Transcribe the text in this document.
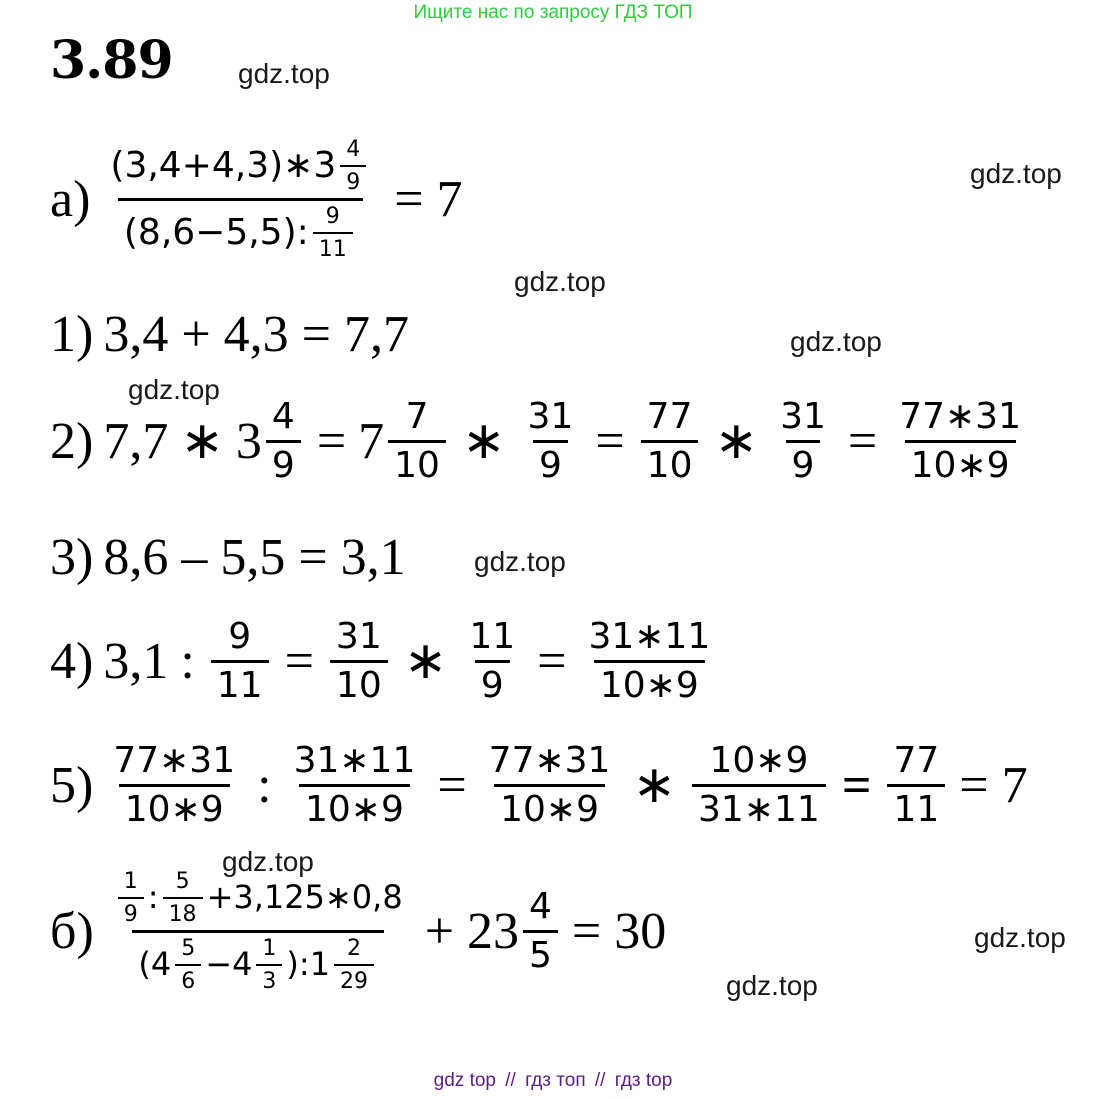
Ищите нас по запросу ГДЗ ТОП
3.89 gdz.top
gdz.top
gdz.top
gdz.top
gdz.top
gdz.top
gdz.top
gdz.top
gdz.top
$а) \frac{(3,4+4,3)∗3 \frac{4}{9}}{(8,6-5,5): \frac{9}{11}} = 7$
1) 3,4 + 4,3 = 7,7
2) 7,7 ∗ $3 \frac{4}{9} = 7 \frac{7}{10}$ ∗ $\frac{31}{9} = \frac{77}{10}$ ∗ $\frac{31}{9} = \frac{77∗31}{10∗9}$
3) 8,6 – 5,5 = 3,1
4) 3,1 : $\frac{9}{11} = \frac{31}{10}$ ∗ $\frac{11}{9} = \frac{31∗11}{10∗9}$
$5) \frac{77∗31}{10∗9}$ : $\frac{31∗11}{10∗9} = \frac{77∗31}{10∗9}$ ∗ $\frac{10∗9}{31∗11} = \frac{77}{11} = 7$
б)
$\frac{1}{9}$ : $\frac{5}{18}$ +3,125∗0,8
($4 \frac{5}{6} -4 \frac{1}{3}$ ):1 $\frac{2}{29}$
+ $23 \frac{4}{5} = 30$
gdz top // гдз топ // гдз top
